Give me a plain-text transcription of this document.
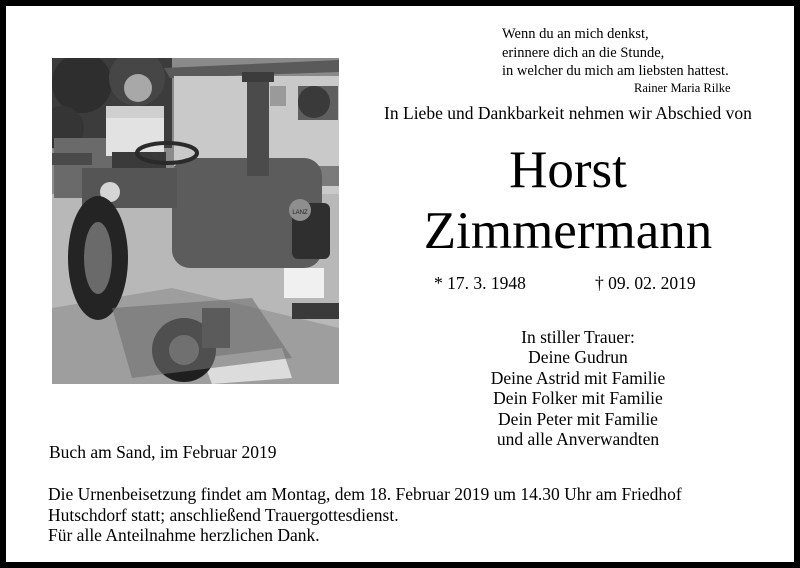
Wenn du an mich denkst,
erinnere dich an die Stunde,
in welcher du mich am liebsten hattest.
Rainer Maria Rilke
LANZ
In Liebe und Dankbarkeit nehmen wir Abschied von
Horst
Zimmermann
* 17. 3. 1948	† 09. 02. 2019
In stiller Trauer:
Deine Gudrun
Deine Astrid mit Familie
Dein Folker mit Familie
Dein Peter mit Familie
und alle Anverwandten
Buch am Sand, im Februar 2019
Die Urnenbeisetzung findet am Montag, dem 18. Februar 2019 um 14.30 Uhr am Friedhof
Hutschdorf statt; anschließend Trauergottesdienst.
Für alle Anteilnahme herzlichen Dank.
